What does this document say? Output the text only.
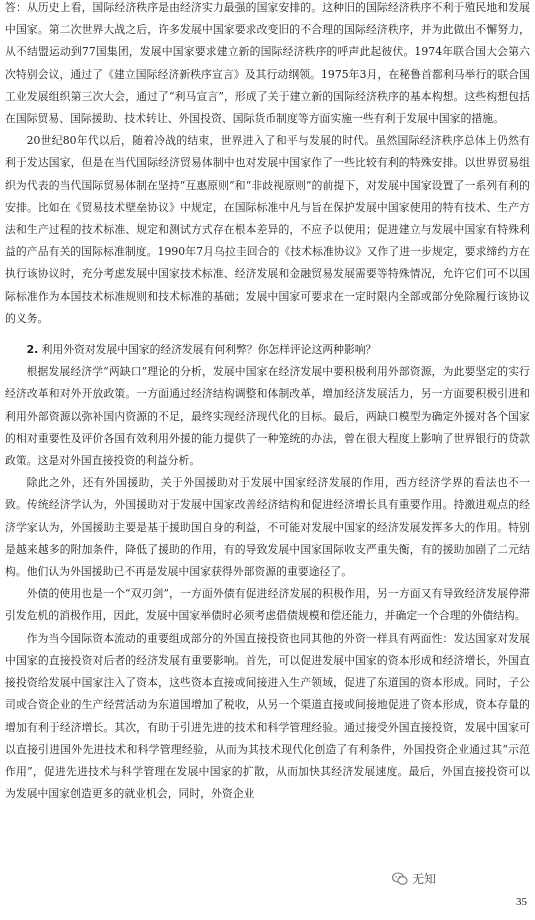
答：从历史上看，国际经济秩序是由经济实力最强的国家安排的。这种旧的国际经济秩序不利于殖民地和发展中国家。第二次世界大战之后，许多发展中国家要求改变旧的不合理的国际经济秩序，并为此做出不懈努力，从不结盟运动到77国集团，发展中国家要求建立新的国际经济秩序的呼声此起彼伏。1974年联合国大会第六次特别会议，通过了《建立国际经济新秩序宣言》及其行动纲领。1975年3月，在秘鲁首都利马举行的联合国工业发展组织第三次大会，通过了“利马宣言”，形成了关于建立新的国际经济秩序的基本构想。这些构想包括在国际贸易、国际援助、技术转让、外国投资、国际货币制度等方面实施一些有利于发展中国家的措施。

20世纪80年代以后，随着冷战的结束，世界进入了和平与发展的时代。虽然国际经济秩序总体上仍然有利于发达国家，但是在当代国际经济贸易体制中也对发展中国家作了一些比较有利的特殊安排。以世界贸易组织为代表的当代国际贸易体制在坚持“互惠原则”和“非歧视原则”的前提下，对发展中国家设置了一系列有利的安排。比如在《贸易技术壁垒协议》中规定，在国际标准中凡与旨在保护发展中国家使用的特有技术、生产方法和生产过程的技术标准、规定和测试方式存在根本差异的，不应予以使用；促进建立与发展中国家有特殊利益的产品有关的国际标准制度。1990年7月乌拉圭回合的《技术标准协议》又作了进一步规定，要求缔约方在执行该协议时，充分考虑发展中国家技术标准、经济发展和金融贸易发展需要等特殊情况，允许它们可不以国际标准作为本国技术标准规则和技术标准的基础；发展中国家可要求在一定时限内全部或部分免除履行该协议的义务。

2. 利用外资对发展中国家的经济发展有何利弊？你怎样评论这两种影响？

根据发展经济学“两缺口”理论的分析，发展中国家在经济发展中要积极利用外部资源，为此要坚定的实行经济改革和对外开放政策。一方面通过经济结构调整和体制改革，增加经济发展活力，另一方面要积极引进和利用外部资源以弥补国内资源的不足，最终实现经济现代化的目标。最后，两缺口模型为确定外援对各个国家的相对重要性及评价各国有效利用外援的能力提供了一种笼统的办法，曾在很大程度上影响了世界银行的贷款政策。这是对外国直接投资的利益分析。

除此之外，还有外国援助，关于外国援助对于发展中国家经济发展的作用，西方经济学界的看法也不一致。传统经济学认为，外国援助对于发展中国家改善经济结构和促进经济增长具有重要作用。持激进观点的经济学家认为，外国援助主要是基于援助国自身的利益，不可能对发展中国家的经济发展发挥多大的作用。特别是越来越多的附加条件，降低了援助的作用，有的导致发展中国家国际收支严重失衡，有的援助加剧了二元结构。他们认为外国援助已不再是发展中国家获得外部资源的重要途径了。

外债的使用也是一个“双刃剑”，一方面外债有促进经济发展的积极作用，另一方面又有导致经济发展停滞引发危机的消极作用，因此，发展中国家举债时必须考虑借债规模和偿还能力，并确定一个合理的外债结构。

作为当今国际资本流动的重要组成部分的外国直接投资也同其他的外资一样具有两面性：发达国家对发展中国家的直接投资对后者的经济发展有重要影响。首先，可以促进发展中国家的资本形成和经济增长，外国直接投资给发展中国家注入了资本，这些资本直接或间接进入生产领域，促进了东道国的资本形成。同时，子公司或合资企业的生产经营活动为东道国增加了税收，从另一个渠道直接或间接地促进了资本形成，资本存量的增加有利于经济增长。其次，有助于引进先进的技术和科学管理经验。通过接受外国直接投资，发展中国家可以直接引进国外先进技术和科学管理经验，从而为其技术现代化创造了有利条件，外国投资企业通过其“示范作用”，促进先进技术与科学管理在发展中国家的扩散，从而加快其经济发展速度。最后，外国直接投资可以为发展中国家创造更多的就业机会，同时，外资企业

无知
35
